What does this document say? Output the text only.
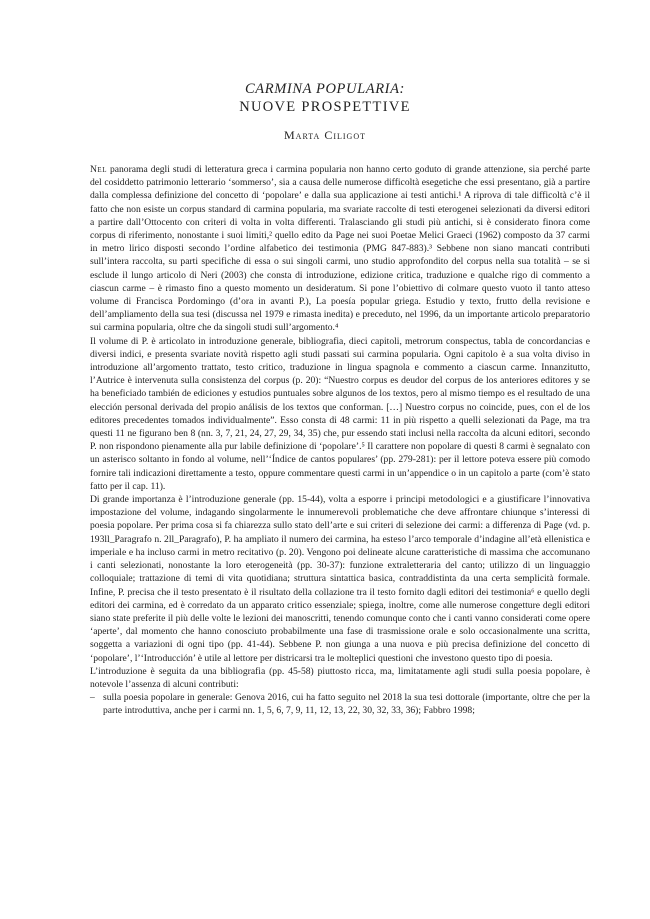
CARMINA POPULARIA:
NUOVE PROSPETTIVE
Marta Ciligot

Nel panorama degli studi di letteratura greca i carmina popularia non hanno certo goduto di grande attenzione, sia perché parte del cosiddetto patrimonio letterario ‘sommerso’, sia a causa delle numerose difficoltà esegetiche che essi presentano, già a partire dalla complessa definizione del concetto di ‘popolare’ e dalla sua applicazione ai testi antichi.¹ A riprova di tale difficoltà c’è il fatto che non esiste un corpus standard di carmina popularia, ma svariate raccolte di testi eterogenei selezionati da diversi editori a partire dall’Ottocento con criteri di volta in volta differenti. Tralasciando gli studi più antichi, si è considerato finora come corpus di riferimento, nonostante i suoi limiti,² quello edito da Page nei suoi Poetae Melici Graeci (1962) composto da 37 carmi in metro lirico disposti secondo l’ordine alfabetico dei testimonia (PMG 847-883).³ Sebbene non siano mancati contributi sull’intera raccolta, su parti specifiche di essa o sui singoli carmi, uno studio approfondito del corpus nella sua totalità – se si esclude il lungo articolo di Neri (2003) che consta di introduzione, edizione critica, traduzione e qualche rigo di commento a ciascun carme – è rimasto fino a questo momento un desideratum. Si pone l’obiettivo di colmare questo vuoto il tanto atteso volume di Francisca Pordomingo (d’ora in avanti P.), La poesía popular griega. Estudio y texto, frutto della revisione e dell’ampliamento della sua tesi (discussa nel 1979 e rimasta inedita) e preceduto, nel 1996, da un importante articolo preparatorio sui carmina popularia, oltre che da singoli studi sull’argomento.⁴

Il volume di P. è articolato in introduzione generale, bibliografia, dieci capitoli, metrorum conspectus, tabla de concordancias e diversi indici, e presenta svariate novità rispetto agli studi passati sui carmina popularia. Ogni capitolo è a sua volta diviso in introduzione all’argomento trattato, testo critico, traduzione in lingua spagnola e commento a ciascun carme. Innanzitutto, l’Autrice è intervenuta sulla consistenza del corpus (p. 20): “Nuestro corpus es deudor del corpus de los anteriores editores y se ha beneficiado también de ediciones y estudios puntuales sobre algunos de los textos, pero al mismo tiempo es el resultado de una elección personal derivada del propio análisis de los textos que conforman. […] Nuestro corpus no coincide, pues, con el de los editores precedentes tomados individualmente”. Esso consta di 48 carmi: 11 in più rispetto a quelli selezionati da Page, ma tra questi 11 ne figurano ben 8 (nn. 3, 7, 21, 24, 27, 29, 34, 35) che, pur essendo stati inclusi nella raccolta da alcuni editori, secondo P. non rispondono pienamente alla pur labile definizione di ‘popolare’.⁵ Il carattere non popolare di questi 8 carmi è segnalato con un asterisco soltanto in fondo al volume, nell’‘Índice de cantos populares’ (pp. 279-281): per il lettore poteva essere più comodo fornire tali indicazioni direttamente a testo, oppure commentare questi carmi in un’appendice o in un capitolo a parte (com’è stato fatto per il cap. 11).

Di grande importanza è l’introduzione generale (pp. 15-44), volta a esporre i principi metodologici e a giustificare l’innovativa impostazione del volume, indagando singolarmente le innumerevoli problematiche che deve affrontare chiunque s’interessi di poesia popolare. Per prima cosa si fa chiarezza sullo stato dell’arte e sui criteri di selezione dei carmi: a differenza di Page (vd. p. 193ll_Paragrafo n. 2ll_Paragrafo), P. ha ampliato il numero dei carmina, ha esteso l’arco temporale d’indagine all’età ellenistica e imperiale e ha incluso carmi in metro recitativo (p. 20). Vengono poi delineate alcune caratteristiche di massima che accomunano i canti selezionati, nonostante la loro eterogeneità (pp. 30-37): funzione extraletteraria del canto; utilizzo di un linguaggio colloquiale; trattazione di temi di vita quotidiana; struttura sintattica basica, contraddistinta da una certa semplicità formale. Infine, P. precisa che il testo presentato è il risultato della collazione tra il testo fornito dagli editori dei testimonia⁶ e quello degli editori dei carmina, ed è corredato da un apparato critico essenziale; spiega, inoltre, come alle numerose congetture degli editori siano state preferite il più delle volte le lezioni dei manoscritti, tenendo comunque conto che i canti vanno considerati come opere ‘aperte’, dal momento che hanno conosciuto probabilmente una fase di trasmissione orale e solo occasionalmente una scritta, soggetta a variazioni di ogni tipo (pp. 41-44). Sebbene P. non giunga a una nuova e più precisa definizione del concetto di ‘popolare’, l’‘Introducción’ è utile al lettore per districarsi tra le molteplici questioni che investono questo tipo di poesia.

L’introduzione è seguita da una bibliografia (pp. 45-58) piuttosto ricca, ma, limitatamente agli studi sulla poesia popolare, è notevole l’assenza di alcuni contributi:

– sulla poesia popolare in generale: Genova 2016, cui ha fatto seguito nel 2018 la sua tesi dottorale (importante, oltre che per la parte introduttiva, anche per i carmi nn. 1, 5, 6, 7, 9, 11, 12, 13, 22, 30, 32, 33, 36); Fabbro 1998;
